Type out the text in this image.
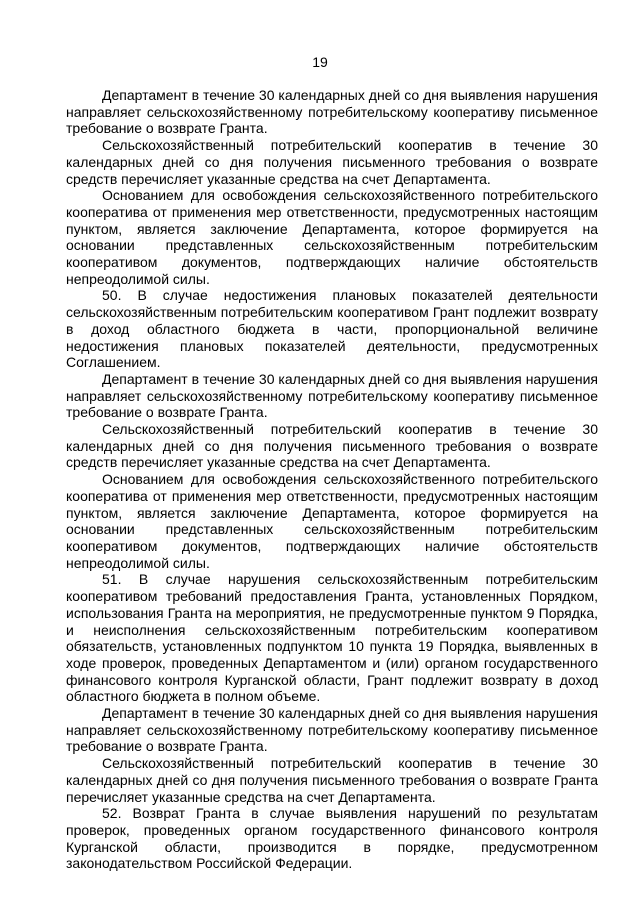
19

Департамент в течение 30 календарных дней со дня выявления нарушения направляет сельскохозяйственному потребительскому кооперативу письменное требование о возврате Гранта.

Сельскохозяйственный потребительский кооператив в течение 30 календарных дней со дня получения письменного требования о возврате средств перечисляет указанные средства на счет Департамента.

Основанием для освобождения сельскохозяйственного потребительского кооператива от применения мер ответственности, предусмотренных настоящим пунктом, является заключение Департамента, которое формируется на основании представленных сельскохозяйственным потребительским кооперативом документов, подтверждающих наличие обстоятельств непреодолимой силы.

50. В случае недостижения плановых показателей деятельности сельскохозяйственным потребительским кооперативом Грант подлежит возврату в доход областного бюджета в части, пропорциональной величине недостижения плановых показателей деятельности, предусмотренных Соглашением.

Департамент в течение 30 календарных дней со дня выявления нарушения направляет сельскохозяйственному потребительскому кооперативу письменное требование о возврате Гранта.

Сельскохозяйственный потребительский кооператив в течение 30 календарных дней со дня получения письменного требования о возврате средств перечисляет указанные средства на счет Департамента.

Основанием для освобождения сельскохозяйственного потребительского кооператива от применения мер ответственности, предусмотренных настоящим пунктом, является заключение Департамента, которое формируется на основании представленных сельскохозяйственным потребительским кооперативом документов, подтверждающих наличие обстоятельств непреодолимой силы.

51. В случае нарушения сельскохозяйственным потребительским кооперативом требований предоставления Гранта, установленных Порядком, использования Гранта на мероприятия, не предусмотренные пунктом 9 Порядка, и неисполнения сельскохозяйственным потребительским кооперативом обязательств, установленных подпунктом 10 пункта 19 Порядка, выявленных в ходе проверок, проведенных Департаментом и (или) органом государственного финансового контроля Курганской области, Грант подлежит возврату в доход областного бюджета в полном объеме.

Департамент в течение 30 календарных дней со дня выявления нарушения направляет сельскохозяйственному потребительскому кооперативу письменное требование о возврате Гранта.

Сельскохозяйственный потребительский кооператив в течение 30 календарных дней со дня получения письменного требования о возврате Гранта перечисляет указанные средства на счет Департамента.

52. Возврат Гранта в случае выявления нарушений по результатам проверок, проведенных органом государственного финансового контроля Курганской области, производится в порядке, предусмотренном законодательством Российской Федерации.
